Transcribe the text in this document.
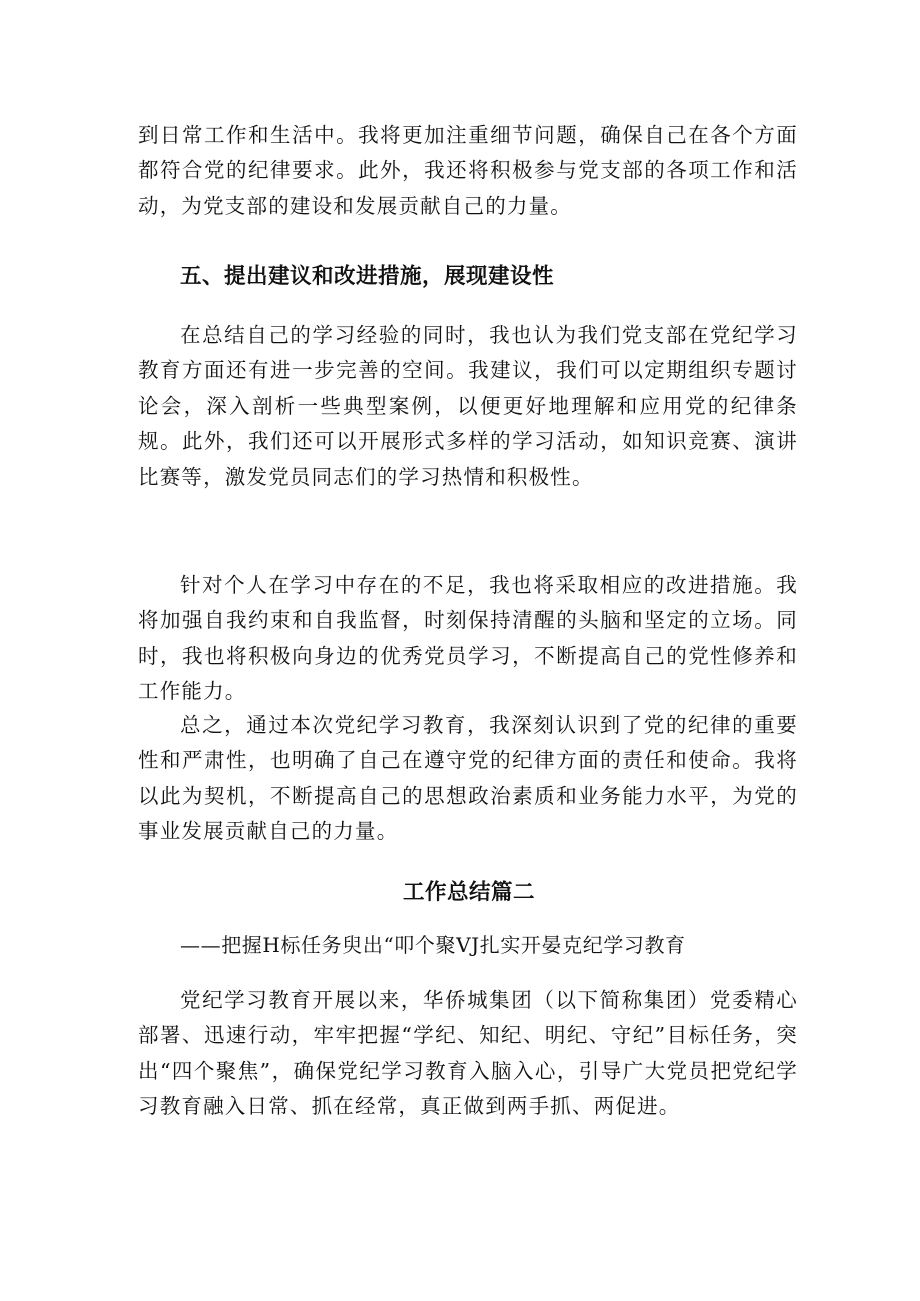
到日常工作和生活中。我将更加注重细节问题，确保自己在各个方面都符合党的纪律要求。此外，我还将积极参与党支部的各项工作和活动，为党支部的建设和发展贡献自己的力量。

五、提出建议和改进措施，展现建设性

在总结自己的学习经验的同时，我也认为我们党支部在党纪学习教育方面还有进一步完善的空间。我建议，我们可以定期组织专题讨论会，深入剖析一些典型案例，以便更好地理解和应用党的纪律条规。此外，我们还可以开展形式多样的学习活动，如知识竞赛、演讲比赛等，激发党员同志们的学习热情和积极性。

针对个人在学习中存在的不足，我也将采取相应的改进措施。我将加强自我约束和自我监督，时刻保持清醒的头脑和坚定的立场。同时，我也将积极向身边的优秀党员学习，不断提高自己的党性修养和工作能力。

总之，通过本次党纪学习教育，我深刻认识到了党的纪律的重要性和严肃性，也明确了自己在遵守党的纪律方面的责任和使命。我将以此为契机，不断提高自己的思想政治素质和业务能力水平，为党的事业发展贡献自己的力量。

工作总结篇二

——把握H标任务臾出“叩个聚VJ扎实开晏克纪学习教育

党纪学习教育开展以来，华侨城集团（以下简称集团）党委精心部署、迅速行动，牢牢把握“学纪、知纪、明纪、守纪”目标任务，突出“四个聚焦”，确保党纪学习教育入脑入心，引导广大党员把党纪学习教育融入日常、抓在经常，真正做到两手抓、两促进。
